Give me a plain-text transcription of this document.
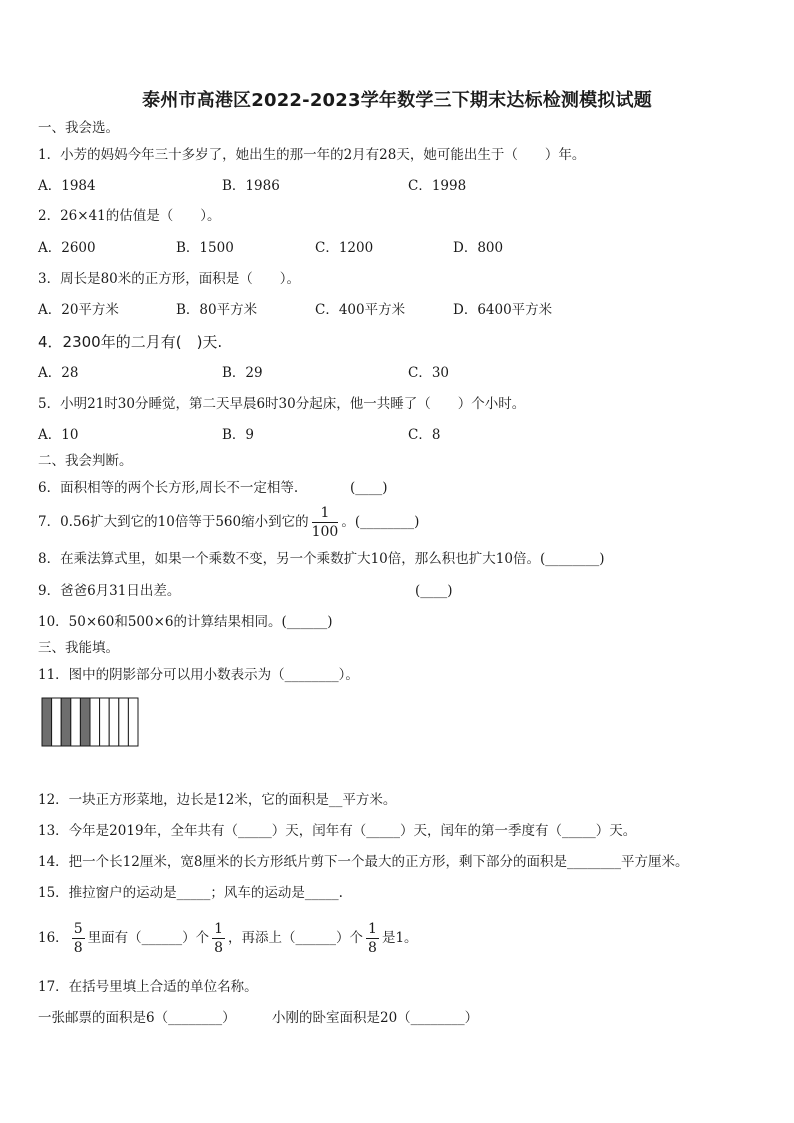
泰州市高港区2022-2023学年数学三下期末达标检测模拟试题
一、我会选。
1．小芳的妈妈今年三十多岁了，她出生的那一年的2月有28天，她可能出生于（　　）年。
A．1984	B．1986	C．1998
2．26×41的估值是（　　）。
A．2600	B．1500	C．1200	D．800
3．周长是80米的正方形，面积是（　　）。
A．20平方米	B．80平方米	C．400平方米	D．6400平方米
4．2300年的二月有(　)天.
A．28	B．29	C．30
5．小明21时30分睡觉，第二天早晨6时30分起床，他一共睡了（　　）个小时。
A．10	B．9	C．8
二、我会判断。
6．面积相等的两个长方形,周长不一定相等.	(____)
7．0.56扩大到它的10倍等于560缩小到它的 $\frac{1}{100}$ 。(________)
8．在乘法算式里，如果一个乘数不变，另一个乘数扩大10倍，那么积也扩大10倍。(________)
9．爸爸6月31日出差。	(____)
10．50×60和500×6的计算结果相同。(______)
三、我能填。
11．图中的阴影部分可以用小数表示为（________）。
12．一块正方形菜地，边长是12米，它的面积是__平方米。
13．今年是2019年，全年共有（_____）天，闰年有（_____）天，闰年的第一季度有（_____）天。
14．把一个长12厘米，宽8厘米的长方形纸片剪下一个最大的正方形，剩下部分的面积是________平方厘米。
15．推拉窗户的运动是_____；风车的运动是_____.
16． $\frac{5}{8}$ 里面有（______）个 $\frac{1}{8}$ ，再添上（______）个 $\frac{1}{8}$ 是1。
17．在括号里填上合适的单位名称。
一张邮票的面积是6（________）	小刚的卧室面积是20（________）
